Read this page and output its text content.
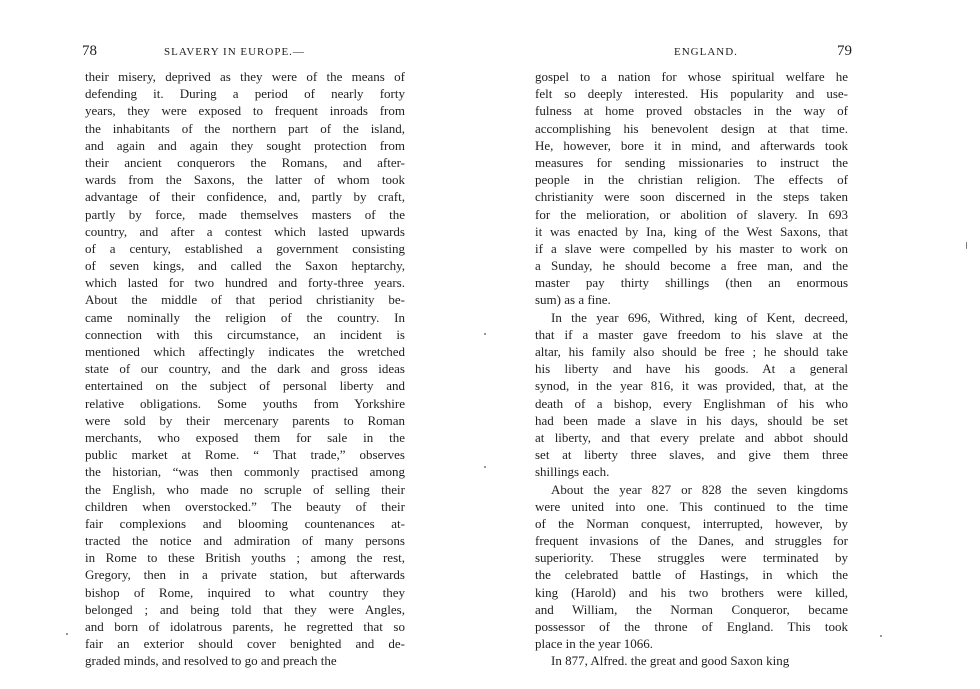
78	SLAVERY IN EUROPE.—
their misery, deprived as they were of the means of
defending it. During a period of nearly forty
years, they were exposed to frequent inroads from
the inhabitants of the northern part of the island,
and again and again they sought protection from
their ancient conquerors the Romans, and after-
wards from the Saxons, the latter of whom took
advantage of their confidence, and, partly by craft,
partly by force, made themselves masters of the
country, and after a contest which lasted upwards
of a century, established a government consisting
of seven kings, and called the Saxon heptarchy,
which lasted for two hundred and forty-three years.
About the middle of that period christianity be-
came nominally the religion of the country. In
connection with this circumstance, an incident is
mentioned which affectingly indicates the wretched
state of our country, and the dark and gross ideas
entertained on the subject of personal liberty and
relative obligations. Some youths from Yorkshire
were sold by their mercenary parents to Roman
merchants, who exposed them for sale in the
public market at Rome. “ That trade,” observes
the historian, “was then commonly practised among
the English, who made no scruple of selling their
children when overstocked.” The beauty of their
fair complexions and blooming countenances at-
tracted the notice and admiration of many persons
in Rome to these British youths ; among the rest,
Gregory, then in a private station, but afterwards
bishop of Rome, inquired to what country they
belonged ; and being told that they were Angles,
and born of idolatrous parents, he regretted that so
fair an exterior should cover benighted and de-
graded minds, and resolved to go and preach the
ENGLAND.	79
gospel to a nation for whose spiritual welfare he
felt so deeply interested. His popularity and use-
fulness at home proved obstacles in the way of
accomplishing his benevolent design at that time.
He, however, bore it in mind, and afterwards took
measures for sending missionaries to instruct the
people in the christian religion. The effects of
christianity were soon discerned in the steps taken
for the melioration, or abolition of slavery. In 693
it was enacted by Ina, king of the West Saxons, that
if a slave were compelled by his master to work on
a Sunday, he should become a free man, and the
master pay thirty shillings (then an enormous
sum) as a fine.
In the year 696, Withred, king of Kent, decreed,
that if a master gave freedom to his slave at the
altar, his family also should be free ; he should take
his liberty and have his goods. At a general
synod, in the year 816, it was provided, that, at the
death of a bishop, every Englishman of his who
had been made a slave in his days, should be set
at liberty, and that every prelate and abbot should
set at liberty three slaves, and give them three
shillings each.
About the year 827 or 828 the seven kingdoms
were united into one. This continued to the time
of the Norman conquest, interrupted, however, by
frequent invasions of the Danes, and struggles for
superiority. These struggles were terminated by
the celebrated battle of Hastings, in which the
king (Harold) and his two brothers were killed,
and William, the Norman Conqueror, became
possessor of the throne of England. This took
place in the year 1066.
In 877, Alfred. the great and good Saxon king
